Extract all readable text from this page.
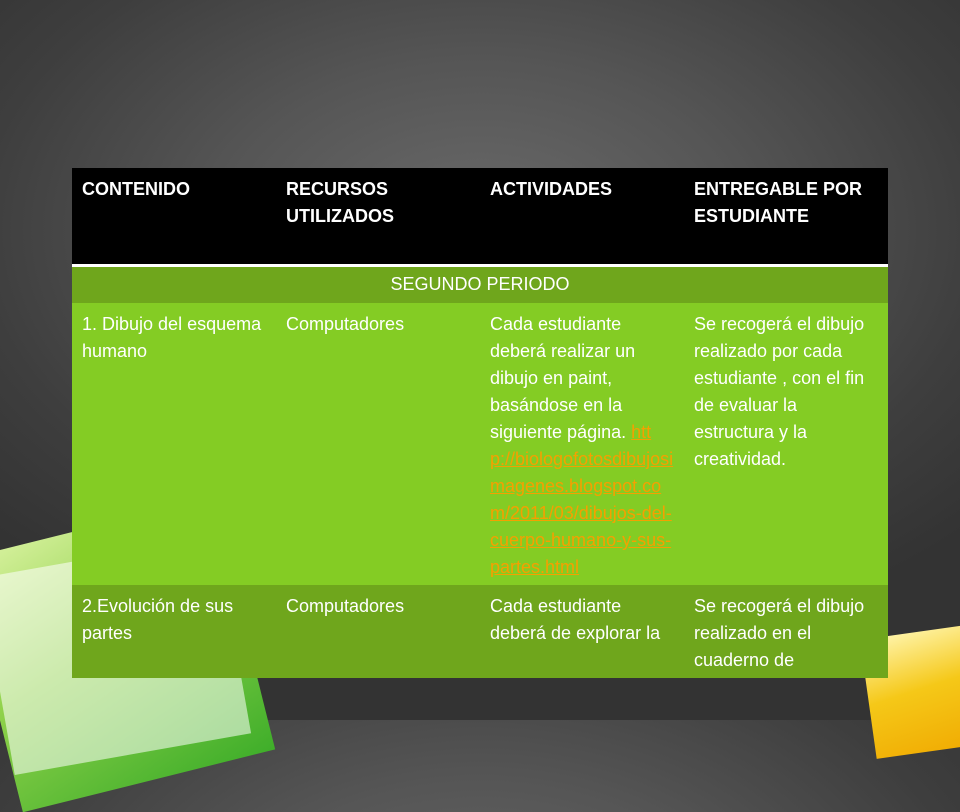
CONTENIDO	RECURSOS UTILIZADOS	ACTIVIDADES	ENTREGABLE POR ESTUDIANTE
SEGUNDO PERIODO			
1. Dibujo del esquema humano	Computadores	Cada estudiante deberá realizar un dibujo en paint, basándose en la siguiente página. http://biologofotosdibujosimagenes.blogspot.com/2011/03/dibujos-del-cuerpo-humano-y-sus-partes.html	Se recogerá el dibujo realizado por cada estudiante , con el fin de evaluar la estructura y la creatividad.
2.Evolución de sus partes	Computadores	Cada estudiante deberá de explorar la	Se recogerá el dibujo realizado en el cuaderno de
